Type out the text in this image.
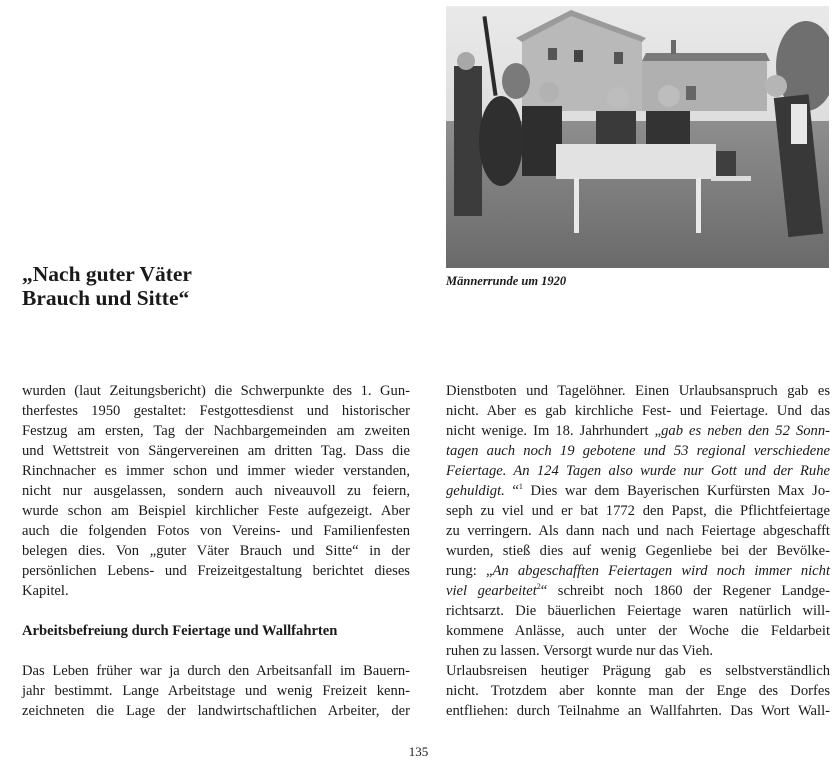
„Nach guter Väter
Brauch und Sitte“
Männerrunde um 1920
wurden (laut Zeitungsbericht) die Schwerpunkte des 1. Gun-
therfestes 1950 gestaltet: Festgottesdienst und historischer
Festzug am ersten, Tag der Nachbargemeinden am zweiten
und Wettstreit von Sängervereinen am dritten Tag. Dass die
Rinchnacher es immer schon und immer wieder verstanden,
nicht nur ausgelassen, sondern auch niveauvoll zu feiern,
wurde schon am Beispiel kirchlicher Feste aufgezeigt. Aber
auch die folgenden Fotos von Vereins- und Familienfesten
belegen dies. Von „guter Väter Brauch und Sitte“ in der
persönlichen Lebens- und Freizeitgestaltung berichtet dieses
Kapitel.
Arbeitsbefreiung durch Feiertage und Wallfahrten
Das Leben früher war ja durch den Arbeitsanfall im Bauern-
jahr bestimmt. Lange Arbeitstage und wenig Freizeit kenn-
zeichneten die Lage der landwirtschaftlichen Arbeiter, der
Dienstboten und Tagelöhner. Einen Urlaubsanspruch gab es
nicht. Aber es gab kirchliche Fest- und Feiertage. Und das
nicht wenige. Im 18. Jahrhundert „gab es neben den 52 Sonn-
tagen auch noch 19 gebotene und 53 regional verschiedene
Feiertage. An 124 Tagen also wurde nur Gott und der Ruhe
gehuldigt. “$^1$ Dies war dem Bayerischen Kurfürsten Max Jo-
seph zu viel und er bat 1772 den Papst, die Pflichtfeiertage
zu verringern. Als dann nach und nach Feiertage abgeschafft
wurden, stieß dies auf wenig Gegenliebe bei der Bevölke-
rung: „An abgeschafften Feiertagen wird noch immer nicht
viel gearbeitet$^2$“ schreibt noch 1860 der Regener Landge-
richtsarzt. Die bäuerlichen Feiertage waren natürlich will-
kommene Anlässe, auch unter der Woche die Feldarbeit
ruhen zu lassen. Versorgt wurde nur das Vieh.
Urlaubsreisen heutiger Prägung gab es selbstverständlich
nicht. Trotzdem aber konnte man der Enge des Dorfes
entfliehen: durch Teilnahme an Wallfahrten. Das Wort Wall-
135
